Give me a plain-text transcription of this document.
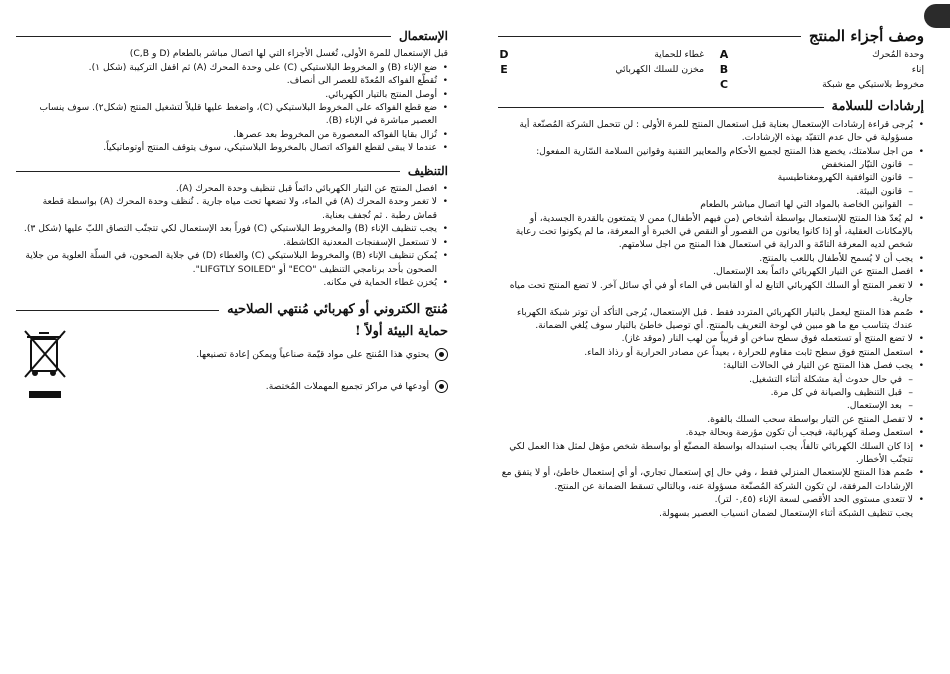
وصف أجزاء المنتج
وحدة المُحرك
A
غطاء للحماية
D
إناء
B
مخزن للسلك الكهربائي
E
مخروط بلاستيكي مع شبكة
C
إرشادات للسلامة
• يُرجى قراءة إرشادات الإستعمال بعناية قبل استعمال المنتج للمرة الأولى : لن تتحمل الشركة المُصنّعة أية مسؤولية في حال عدم التقيّد بهذه الإرشادات.
• من اجل سلامتك، يخضع هذا المنتج لجميع الأحكام والمعايير التقنية وقوانين السلامة السّارية المفعول:
– قانون التيّار المنخفض
– قانون التوافقية الكهرومغناطيسية
– قانون البيئة.
– القوانين الخاصة بالمواد التي لها اتصال مباشر بالطعام
• لم يُعدّ هذا المنتج للإستعمال بواسطة أشخاص (من فيهم الأطفال) ممن لا يتمتعون بالقدرة الجسدية، أو بالإمكانات العقلية، أو إذا كانوا يعانون من القصور أو النقص في الخبرة أو المعرفة، ما لم يكونوا تحت رعاية شخص لديه المعرفة التامّة و الدراية في استعمال هذا المنتج من اجل سلامتهم.
• يجب أن لا يُسمح للأطفال باللعب بالمنتج.
• افصل المنتج عن التيار الكهربائي دائماً بعد الإستعمال.
• لا تغمر المنتج أو السلك الكهربائي التابع له أو القابس في الماء أو في أي سائل آخر. لا تضع المنتج تحت مياه جارية.
• صُمم هذا المنتج ليعمل بالتيار الكهربائي المتردد فقط . قبل الإستعمال، يُرجى التأكد أن توتر شبكة الكهرباء عندك يتناسب مع ما هو مبين في لوحة التعريف بالمنتج. أي توصيل خاطئ بالتيار سوف يُلغي الضمانة.
• لا تضع المنتج أو تستعمله فوق سطح ساخن أو قريباً من لهب النار (موقد غاز).
• استعمل المنتج فوق سطح ثابت مقاوم للحرارة ، بعيداً عن مصادر الحرارية أو رذاذ الماء.
• يجب فصل هذا المنتج عن التيار في الحالات التالية:
– في حال حدوث أية مشكلة أثناء التشغيل.
– قبل التنظيف والصيانة في كل مرة.
– بعد الإستعمال.
• لا تفصل المنتج عن التيار بواسطة سحب السلك بالقوة.
• استعمل وصلة كهربائية، فيجب أن تكون مؤرضة وبحالة جيدة.
• إذا كان السلك الكهربائي تالفاً، يجب استبداله بواسطة المصنّع أو بواسطة شخص مؤهل لمثل هذا العمل لكي تتجنّب الأخطار.
• صُمم هذا المنتج للإستعمال المنزلي فقط ، وفي حال إي إستعمال تجاري، أو أي إستعمال خاطئ، أو لا يتفق مع الإرشادات المرفقة، لن تكون الشركة المُصنّعة مسؤولة عنه، وبالتالي تسقط الضمانة عن المنتج.
• لا تتعدى مستوى الحد الأقصى لسعة الإناء (٠,٤٥ لتر).
يجب تنظيف الشبكة أثناء الإستعمال لضمان انسياب العصير بسهولة.
الإستعمال

قبل الإستعمال للمرة الأولى، تُغسل الأجزاء التي لها اتصال مباشر بالطعام (D و C,B)

• ضع الإناء (B) و المخروط البلاستيكي (C) على وحدة المحرك (A) ثم اقفل التركيبة (شكل ١).
• تُقطّع الفواكه المُعدّة للعصر الى أنصاف.
• أوصل المنتج بالتيار الكهربائي.
• ضع قطع الفواكه على المخروط البلاستيكي (C)، واضغط عليها قليلاً لتشغيل المنتج (شكل٢). سوف ينساب العصير مباشرة في الإناء (B).
• تُزال بقايا الفواكه المعصورة من المخروط بعد عصرها.
• عندما لا يبقى لقطع الفواكه اتصال بالمخروط البلاستيكي، سوف يتوقف المنتج أوتوماتيكياً.
التنظيف
• افصل المنتج عن التيار الكهربائي دائماً قبل تنظيف وحدة المحرك (A).
• لا تغمر وحدة المحرك (A) في الماء، ولا تضعها تحت مياه جارية . تُنظف وحدة المحرك (A) بواسطة قطعة قماش رطبة . ثم تُجفف بعناية.
• يجب تنظيف الإناء (B) والمخروط البلاستيكي (C) فوراً بعد الإستعمال لكي تتجنّب التصاق اللبّ عليها (شكل ٣).
• لا تستعمل الإسفنجات المعدنية الكاشطة.
• يُمكن تنظيف الإناء (B) والمخروط البلاستيكي (C) والغطاء (D) في جلاية الصحون، في السلّة العلوية من جلاية الصحون بأحد برنامجي التنظيف "ECO" أو "LIFGTLY SOILED".
• يُخزن غطاء الحماية في مكانه.
مُنتج الكتروني أو كهربائي مُنتهي الصلاحيه
حماية البيئة أولاً !
يحتوي هذا المُنتج على مواد قيّمة صناعياً ويمكن إعادة تصنيعها.
أودعها في مراكز تجميع المهملات المُختصة.
